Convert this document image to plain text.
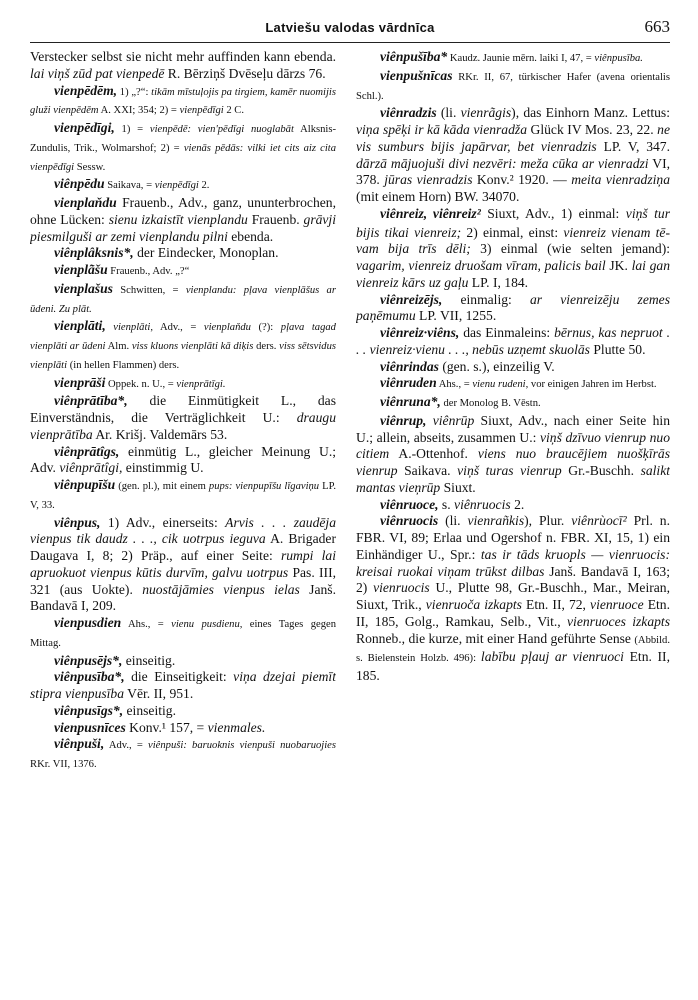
Latviešu valodas vārdnīca	663

Verstecker selbst sie nicht mehr auffinden kann ebenda. lai viņš zūd pat vienpedē R. Bērziņš Dvēseļu dārzs 76.

vienpēdēm, 1) „?“: tikām mīstuļojis pa tirgiem, kamēr nuomijis gluži vienpēdēm A. XXI; 354; 2) = vienpēdīgi 2 C.

vienpēdīgi, 1) = vienpēdē: vien'pēdīgi nuoglabāt Alksnis-Zundulis, Trik., Wolmarshof; 2) = vienās pēdās: vilki iet cits aiz cita vienpēdīgi Sessw.

viênpēdu Saikava, = vienpēdīgi 2.

vienplaňdu Frauenb., Adv., ganz, ununterbrochen, ohne Lücken: sienu izkaistīt vienplandu Frauenb. grāvji piesmilguši ar zemi vienplandu pilni ebenda.

viênplâksnis*, der Eindecker, Monoplan.

vienplãšu Frauenb., Adv. „?“

vienplašus Schwitten, = vienplandu: pļava vienplāšus ar ūdeni. Zu plāt.

vienplāti, vienplāti, Adv., = vienplaňdu (?): pļava tagad vienplāti ar ūdeni Alm. viss kluons vienplāti kā diķis ders. viss sētsvidus vienplāti (in hellen Flammen) ders.

vienprāši Oppek. n. U., = vienprātīgi.

viênprātība*, die Einmütigkeit L., das Einverständnis, die Verträglichkeit U.: draugu vienprātība Ar. Krišj. Valdemārs 53.

viênprātîgs, einmütig L., gleicher Meinung U.; Adv. viênprātîgi, einstimmig U.

viênpupīšu (gen. pl.), mit einem pups: vienpupīšu līgaviņu LP. V, 33.

viênpus, 1) Adv., einerseits: Arvis . . . zaudēja vienpus tik daudz . . ., cik uotrpus ieguva A. Brigader Daugava I, 8; 2) Präp., auf einer Seite: rumpi lai apruokuot vienpus kūtis durvīm, galvu uotrpus Pas. III, 321 (aus Uokte). nuostājāmies vienpus ielas Janš. Bandavā I, 209.

vienpusdien Ahs., = vienu pusdienu, eines Tages gegen Mittag.

viênpusējs*, einseitig.

viênpusība*, die Einseitigkeit: viņa dzejai piemīt stipra vienpusība Vēr. II, 951.

viênpusīgs*, einseitig.

vienpusnīces Konv.¹ 157, = vienmales.

viênpuši, Adv., = viênpuši: baruoknis vienpuši nuobaruojies RKr. VII, 1376.

viênpušība* Kaudz. Jaunie mērn. laiki I, 47, = viênpusība.

vienpušnīcas RKr. II, 67, türkischer Hafer (avena orientalis Schl.).

viênradzis (li. vienrãgis), das Einhorn Manz. Lettus: viņa spēķi ir kā kāda vienradža Glück IV Mos. 23, 22. ne vis sumburs bijis japārvar, bet vienradzis LP. V, 347. dārzā mājuojuši divi nezvēri: meža cūka ar vienradzi VI, 378. jūras vienradzis Konv.² 1920. — meita vienradziņa (mit einem Horn) BW. 34070.

viênreiz, viênreiz² Siuxt, Adv., 1) einmal: viņš tur bijis tikai vienreiz; 2) einmal, einst: vienreiz vienam tēvam bija trīs dēli; 3) einmal (wie selten jemand): vagarim, vienreiz druošam vīram, palicis bail JK. lai gan vienreiz kārs uz gaļu LP. I, 184.

viênreizējs, einmalig: ar vienreizēju zemes paņēmumu LP. VII, 1255.

viênreiz·viêns, das Einmaleins: bērnus, kas nepruot . . . vienreiz·vienu . . ., nebūs uzņemt skuolās Plutte 50.

viênrindas (gen. s.), einzeilig V.

viênruden Ahs., = vienu rudeni, vor einigen Jahren im Herbst.

viênruna*, der Monolog B. Vēstn.

viênrup, viênrūp Siuxt, Adv., nach einer Seite hin U.; allein, abseits, zusammen U.: viņš dzīvuo vienrup nuo citiem A.-Ottenhof. viens nuo braucējiem nuošķīrās vienrup Saikava. viņš turas vienrup Gr.-Buschh. salikt mantas vieņrūp Siuxt.

viênruoce, s. viênruocis 2.

viênruocis (li. vienrañkis), Plur. viênrùocī² Prl. n. FBR. VI, 89; Erlaa und Ogershof n. FBR. XI, 15, 1) ein Einhändiger U., Spr.: tas ir tāds kruopls — vienruocis: kreisai ruokai viņam trūkst dilbas Janš. Bandavā I, 163; 2) vienruocis U., Plutte 98, Gr.-Buschh., Mar., Meiran, Siuxt, Trik., vienruoča izkapts Etn. II, 72, vienruoce Etn. II, 185, Golg., Ramkau, Selb., Vit., vienruoces izkapts Ronneb., die kurze, mit einer Hand geführte Sense (Abbild. s. Bielenstein Holzb. 496): labību pļauj ar vienruoci Etn. II, 185.
